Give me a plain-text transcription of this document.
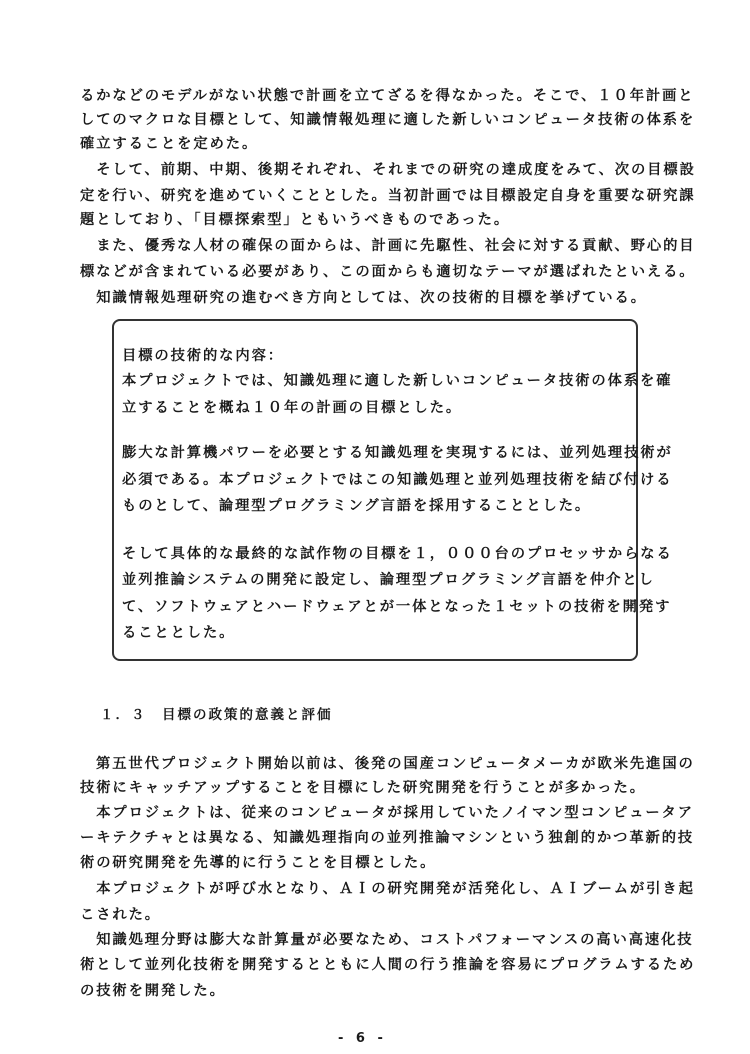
るかなどのモデルがない状態で計画を立てざるを得なかった。そこで、１０年計画と
してのマクロな目標として、知識情報処理に適した新しいコンピュータ技術の体系を
確立することを定めた。
　そして、前期、中期、後期それぞれ、それまでの研究の達成度をみて、次の目標設
定を行い、研究を進めていくこととした。当初計画では目標設定自身を重要な研究課
題としており、「目標探索型」ともいうべきものであった。
　また、優秀な人材の確保の面からは、計画に先駆性、社会に対する貢献、野心的目
標などが含まれている必要があり、この面からも適切なテーマが選ばれたといえる。
　知識情報処理研究の進むべき方向としては、次の技術的目標を挙げている。
目標の技術的な内容：
本プロジェクトでは、知識処理に適した新しいコンピュータ技術の体系を確
立することを概ね１０年の計画の目標とした。
膨大な計算機パワーを必要とする知識処理を実現するには、並列処理技術が
必須である。本プロジェクトではこの知識処理と並列処理技術を結び付ける
ものとして、論理型プログラミング言語を採用することとした。
そして具体的な最終的な試作物の目標を１，０００台のプロセッサからなる
並列推論システムの開発に設定し、論理型プログラミング言語を仲介とし
て、ソフトウェアとハードウェアとが一体となった１セットの技術を開発す
ることとした。
１．３ 目標の政策的意義と評価
第五世代プロジェクト開始以前は、後発の国産コンピュータメーカが欧米先進国の
技術にキャッチアップすることを目標にした研究開発を行うことが多かった。
　本プロジェクトは、従来のコンピュータが採用していたノイマン型コンピュータア
ーキテクチャとは異なる、知識処理指向の並列推論マシンという独創的かつ革新的技
術の研究開発を先導的に行うことを目標とした。
　本プロジェクトが呼び水となり、ＡＩの研究開発が活発化し、ＡＩブームが引き起
こされた。
　知識処理分野は膨大な計算量が必要なため、コストパフォーマンスの高い高速化技
術として並列化技術を開発するとともに人間の行う推論を容易にプログラムするため
の技術を開発した。
- 6 -
